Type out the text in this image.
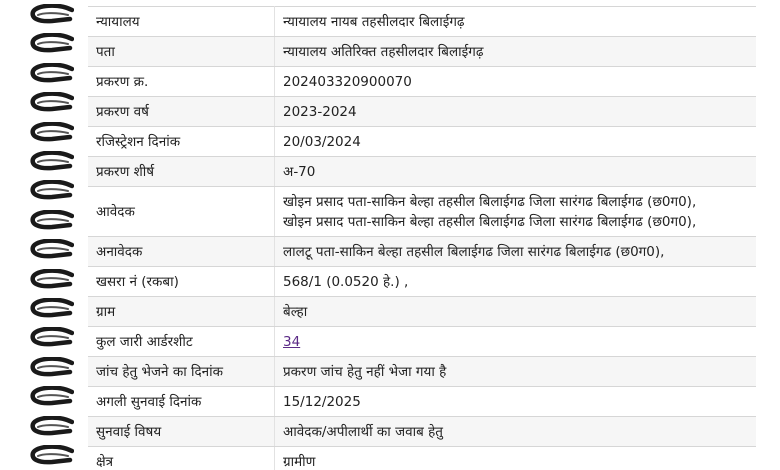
न्यायालय	न्यायालय नायब तहसीलदार बिलाईगढ़
पता	न्यायालय अतिरिक्त तहसीलदार बिलाईगढ़
प्रकरण क्र.	202403320900070
प्रकरण वर्ष	2023-2024
रजिस्ट्रेशन दिनांक	20/03/2024
प्रकरण शीर्ष	अ-70
आवेदक	खोइन प्रसाद पता-साकिन बेल्हा तहसील बिलाईगढ जिला सारंगढ बिलाईगढ (छ0ग0),
खोइन प्रसाद पता-साकिन बेल्हा तहसील बिलाईगढ जिला सारंगढ बिलाईगढ (छ0ग0),

अनावेदक	लालटू पता-साकिन बेल्हा तहसील बिलाईगढ जिला सारंगढ बिलाईगढ (छ0ग0),
खसरा नं (रकबा)	568/1 (0.0520 हे.) ,
ग्राम	बेल्हा
कुल जारी आर्डरशीट	34
जांच हेतु भेजने का दिनांक	प्रकरण जांच हेतु नहीं भेजा गया है
अगली सुनवाई दिनांक	15/12/2025
सुनवाई विषय	आवेदक/अपीलार्थी का जवाब हेतु
क्षेत्र	ग्रामीण
